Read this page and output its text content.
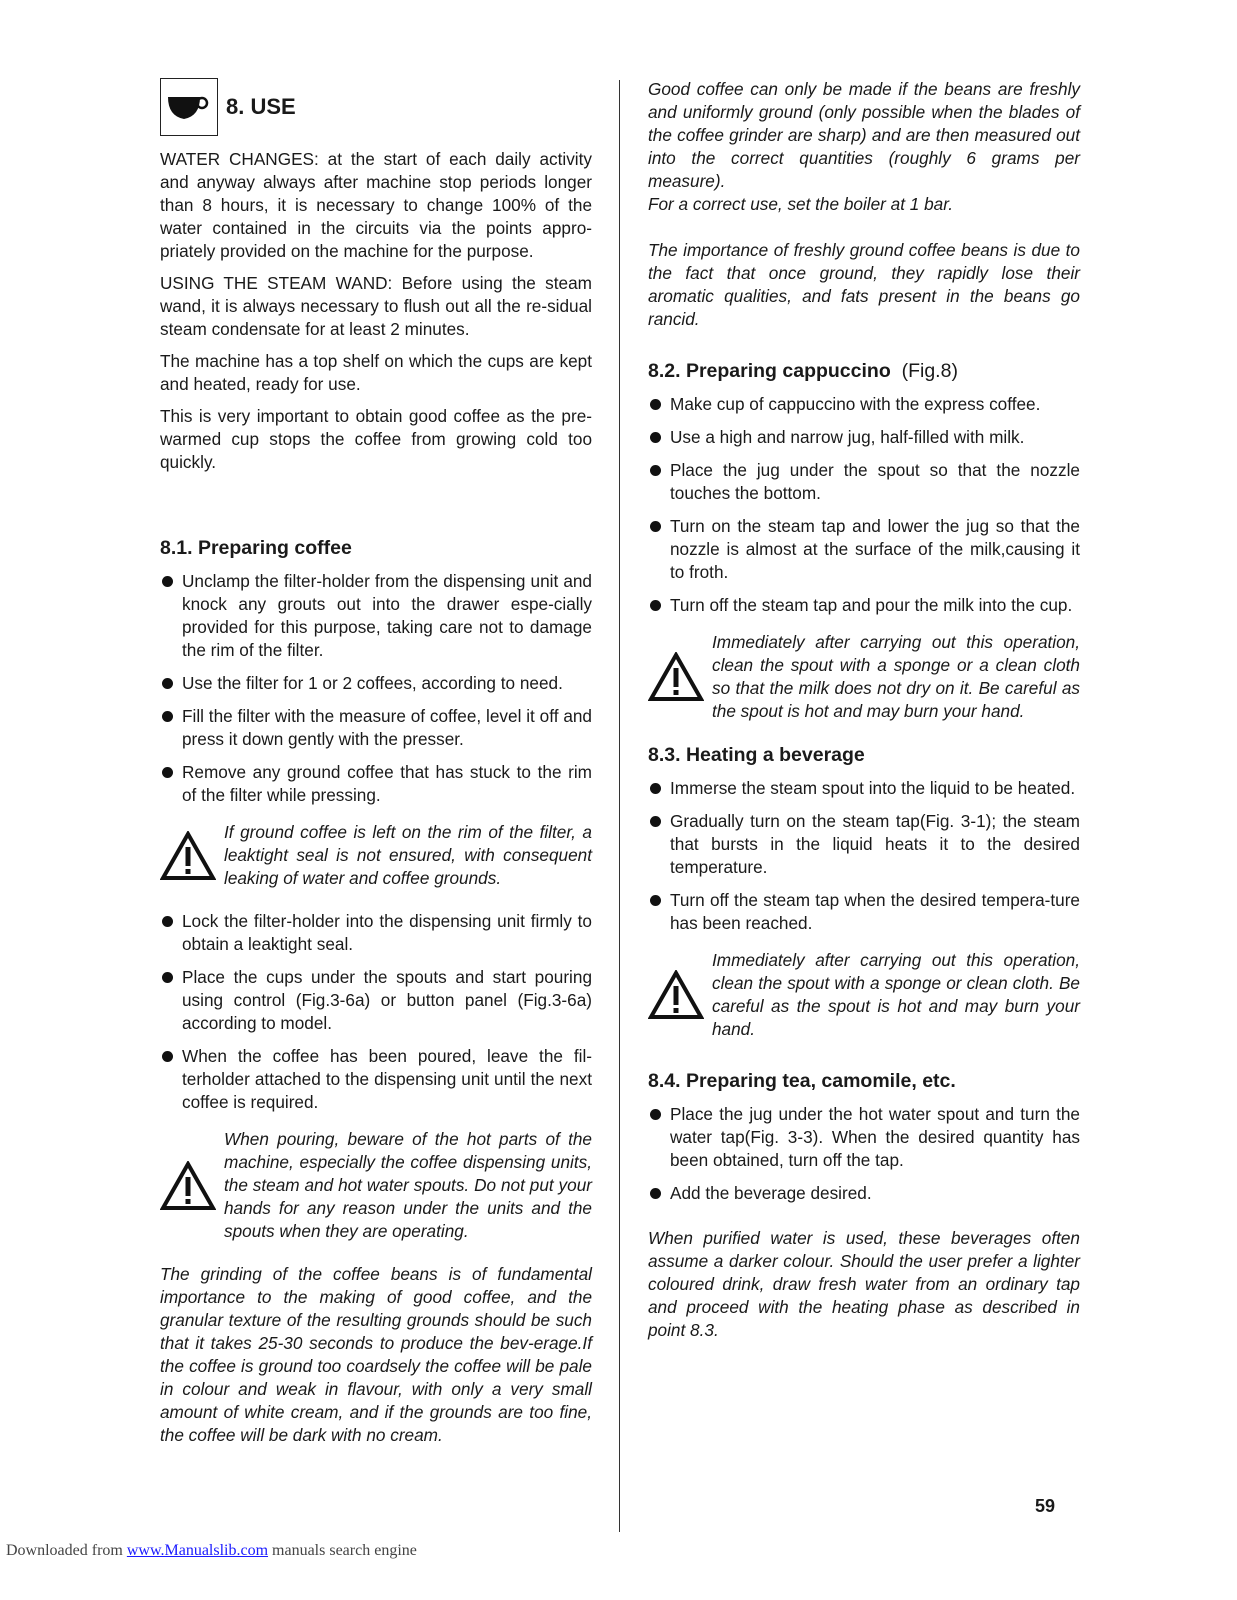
8. USE

WATER CHANGES: at the start of each daily activity and anyway always after machine stop periods longer than 8 hours, it is necessary to change 100% of the water contained in the circuits via the points appro-priately provided on the machine for the purpose.

USING THE STEAM WAND: Before using the steam wand, it is always necessary to flush out all the re-sidual steam condensate for at least 2 minutes.

The machine has a top shelf on which the cups are kept and heated, ready for use.

This is very important to obtain good coffee as the pre-warmed cup stops the coffee from growing cold too quickly.

8.1. Preparing coffee
Unclamp the filter-holder from the dispensing unit and knock any grouts out into the drawer espe-cially provided for this purpose, taking care not to damage the rim of the filter.
Use the filter for 1 or 2 coffees, according to need.
Fill the filter with the measure of coffee, level it off and press it down gently with the presser.
Remove any ground coffee that has stuck to the rim of the filter while pressing.
If ground coffee is left on the rim of the filter, a leaktight seal is not ensured, with consequent leaking of water and coffee grounds.
Lock the filter-holder into the dispensing unit firmly to obtain a leaktight seal.
Place the cups under the spouts and start pouring using control (Fig.3-6a) or button panel (Fig.3-6a) according to model.
When the coffee has been poured, leave the fil-terholder attached to the dispensing unit until the next coffee is required.
When pouring, beware of the hot parts of the machine, especially the coffee dispensing units, the steam and hot water spouts. Do not put your hands for any reason under the units and the spouts when they are operating.

The grinding of the coffee beans is of fundamental importance to the making of good coffee, and the granular texture of the resulting grounds should be such that it takes 25-30 seconds to produce the bev-erage.If the coffee is ground too coardsely the coffee will be pale in colour and weak in flavour, with only a very small amount of white cream, and if the grounds are too fine, the coffee will be dark with no cream.

Good coffee can only be made if the beans are freshly and uniformly ground (only possible when the blades of the coffee grinder are sharp) and are then measured out into the correct quantities (roughly 6 grams per measure).

For a correct use, set the boiler at 1 bar.

The importance of freshly ground coffee beans is due to the fact that once ground, they rapidly lose their aromatic qualities, and fats present in the beans go rancid.

8.2. Preparing cappuccino (Fig.8)
Make cup of cappuccino with the express coffee.
Use a high and narrow jug, half-filled with milk.
Place the jug under the spout so that the nozzle touches the bottom.
Turn on the steam tap and lower the jug so that the nozzle is almost at the surface of the milk,causing it to froth.
Turn off the steam tap and pour the milk into the cup.
Immediately after carrying out this operation, clean the spout with a sponge or a clean cloth so that the milk does not dry on it. Be careful as the spout is hot and may burn your hand.
8.3. Heating a beverage
Immerse the steam spout into the liquid to be heated.
Gradually turn on the steam tap(Fig. 3-1); the steam that bursts in the liquid heats it to the desired temperature.
Turn off the steam tap when the desired tempera-ture has been reached.
Immediately after carrying out this operation, clean the spout with a sponge or clean cloth. Be careful as the spout is hot and may burn your hand.
8.4. Preparing tea, camomile, etc.
Place the jug under the hot water spout and turn the water tap(Fig. 3-3). When the desired quantity has been obtained, turn off the tap.
Add the beverage desired.

When purified water is used, these beverages often assume a darker colour. Should the user prefer a lighter coloured drink, draw fresh water from an ordinary tap and proceed with the heating phase as described in point 8.3.

59
Downloaded from www.Manualslib.com manuals search engine
